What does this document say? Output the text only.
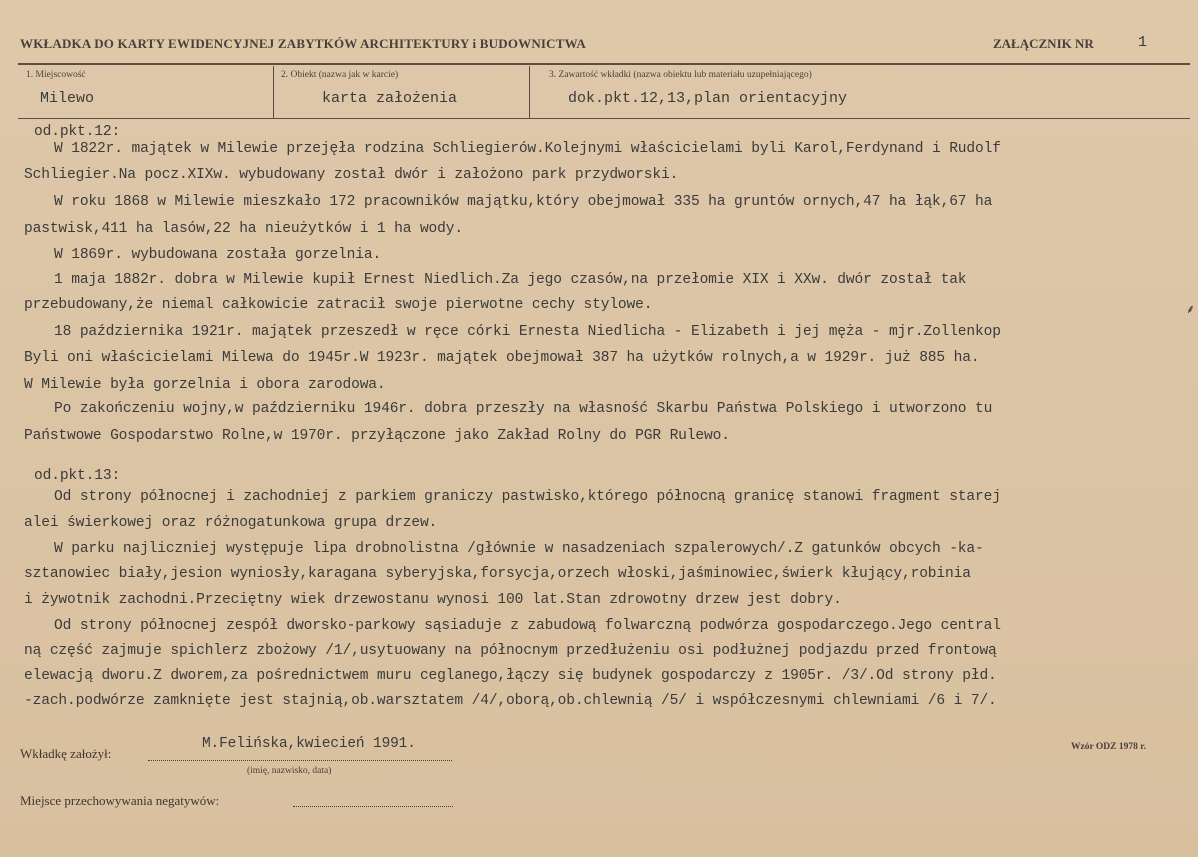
WKŁADKA DO KARTY EWIDENCYJNEJ ZABYTKÓW ARCHITEKTURY i BUDOWNICTWA	ZAŁĄCZNIK NR	1
1. Miejscowość
Milewo
2. Obiekt (nazwa jak w karcie)
karta założenia
3. Zawartość wkładki (nazwa obiektu lub materiału uzupełniającego)
dok.pkt.12,13,plan orientacyjny
od.pkt.12:
W 1822r. majątek w Milewie przejęła rodzina Schliegierów.Kolejnymi właścicielami byli Karol,Ferdynand i Rudolf
Schliegier.Na pocz.XIXw. wybudowany został dwór i założono park przydworski.
W roku 1868 w Milewie mieszkało 172 pracowników majątku,który obejmował 335 ha gruntów ornych,47 ha łąk,67 ha
pastwisk,411 ha lasów,22 ha nieużytków i 1 ha wody.
W 1869r. wybudowana została gorzelnia.
1 maja 1882r. dobra w Milewie kupił Ernest Niedlich.Za jego czasów,na przełomie XIX i XXw. dwór został tak
przebudowany,że niemal całkowicie zatracił swoje pierwotne cechy stylowe.
18 października 1921r. majątek przeszedł w ręce córki Ernesta Niedlicha - Elizabeth i jej męża - mjr.Zollenkop
Byli oni właścicielami Milewa do 1945r.W 1923r. majątek obejmował 387 ha użytków rolnych,a w 1929r. już 885 ha.
W Milewie była gorzelnia i obora zarodowa.
Po zakończeniu wojny,w październiku 1946r. dobra przeszły na własność Skarbu Państwa Polskiego i utworzono tu
Państwowe Gospodarstwo Rolne,w 1970r. przyłączone jako Zakład Rolny do PGR Rulewo.
od.pkt.13:
Od strony północnej i zachodniej z parkiem graniczy pastwisko,którego północną granicę stanowi fragment starej
alei świerkowej oraz różnogatunkowa grupa drzew.
W parku najliczniej występuje lipa drobnolistna /głównie w nasadzeniach szpalerowych/.Z gatunków obcych -ka-
sztanowiec biały,jesion wyniosły,karagana syberyjska,forsycja,orzech włoski,jaśminowiec,świerk kłujący,robinia
i żywotnik zachodni.Przeciętny wiek drzewostanu wynosi 100 lat.Stan zdrowotny drzew jest dobry.
Od strony północnej zespół dworsko-parkowy sąsiaduje z zabudową folwarczną podwórza gospodarczego.Jego central
ną część zajmuje spichlerz zbożowy /1/,usytuowany na północnym przedłużeniu osi podłużnej podjazdu przed frontową
elewacją dworu.Z dworem,za pośrednictwem muru ceglanego,łączy się budynek gospodarczy z 1905r. /3/.Od strony płd.
-zach.podwórze zamknięte jest stajnią,ob.warsztatem /4/,oborą,ob.chlewnią /5/ i współczesnymi chlewniami /6 i 7/.
⸙
Wkładkę założył:
M.Felińska,kwiecień 1991.
(imię, nazwisko, data)
Wzór ODZ 1978 r.
Miejsce przechowywania negatywów:
